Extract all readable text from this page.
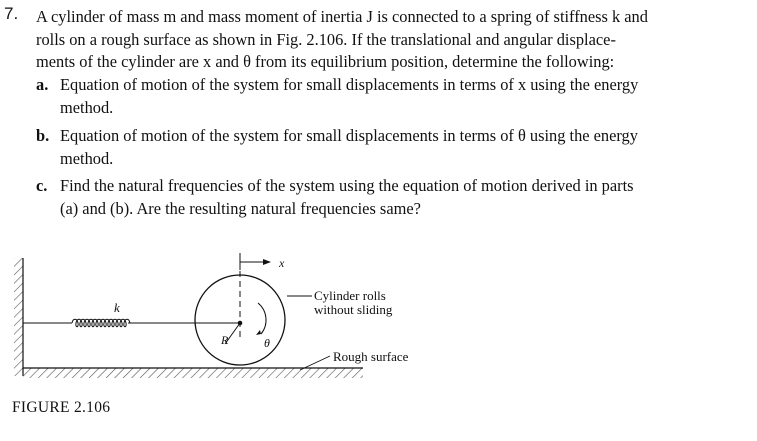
7. A cylinder of mass m and mass moment of inertia J is connected to a spring of stiffness k and
rolls on a rough surface as shown in Fig. 2.106. If the translational and angular displace-
ments of the cylinder are x and θ from its equilibrium position, determine the following:
a. Equation of motion of the system for small displacements in terms of x using the energy
method.
b. Equation of motion of the system for small displacements in terms of θ using the energy
method.
c. Find the natural frequencies of the system using the equation of motion derived in parts
(a) and (b). Are the resulting natural frequencies same?
k
R	θ
x
Cylinder rolls
without sliding
Rough surface
FIGURE 2.106
